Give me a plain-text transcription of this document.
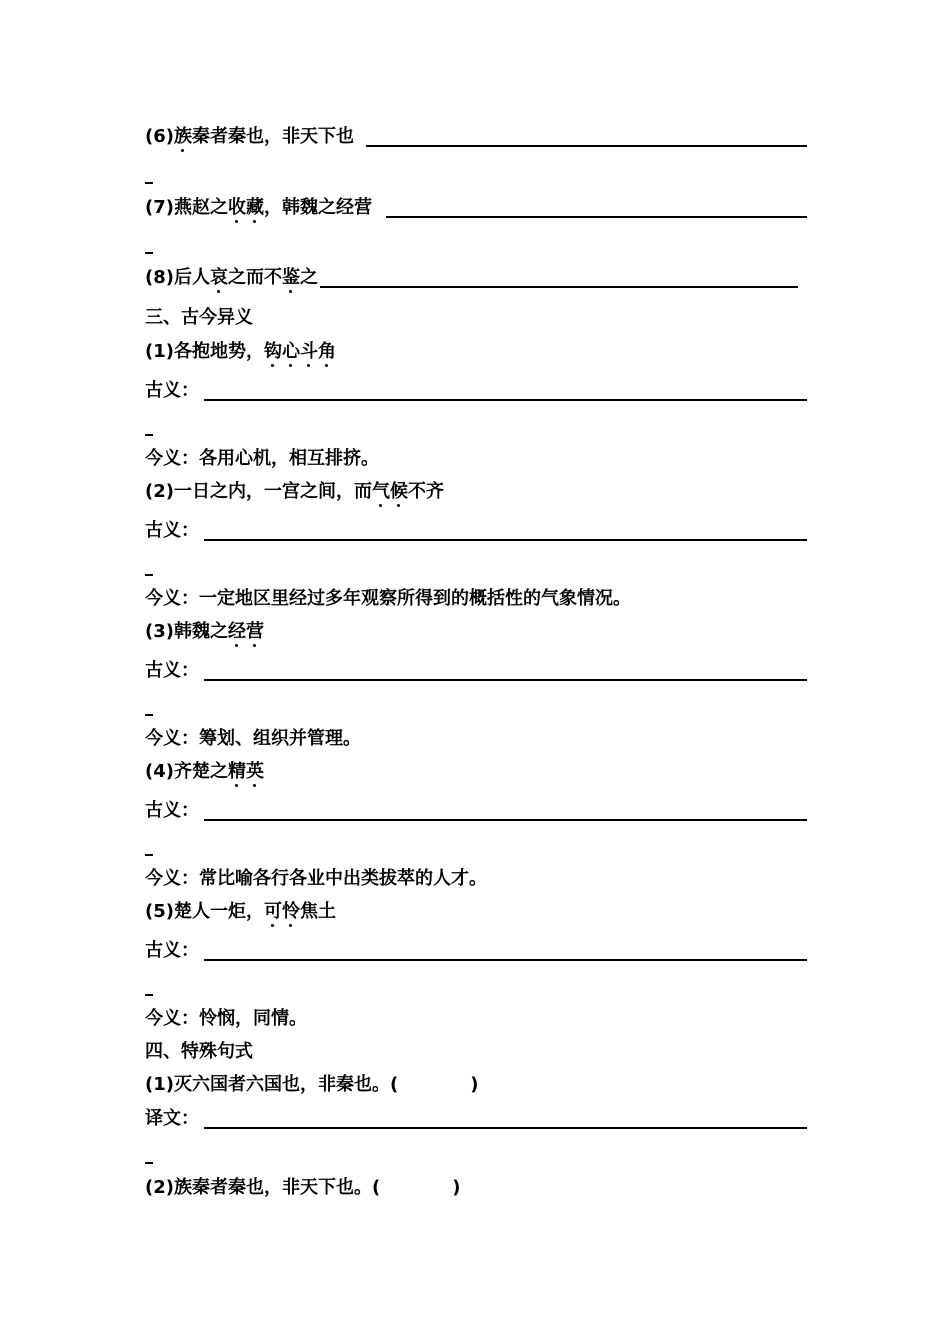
(6)族秦者秦也，非天下也
(7)燕赵之收藏，韩魏之经营
(8)后人哀之而不鉴之
三、古今异义
(1)各抱地势，钩心斗角
古义：
今义：各用心机，相互排挤。
(2)一日之内，一宫之间，而气候不齐
古义：
今义：一定地区里经过多年观察所得到的概括性的气象情况。
(3)韩魏之经营
古义：
今义：筹划、组织并管理。
(4)齐楚之精英
古义：
今义：常比喻各行各业中出类拔萃的人才。
(5)楚人一炬，可怜焦土
古义：
今义：怜悯，同情。
四、特殊句式
(1)灭六国者六国也，非秦也。(	)
译文：
(2)族秦者秦也，非天下也。(	)
